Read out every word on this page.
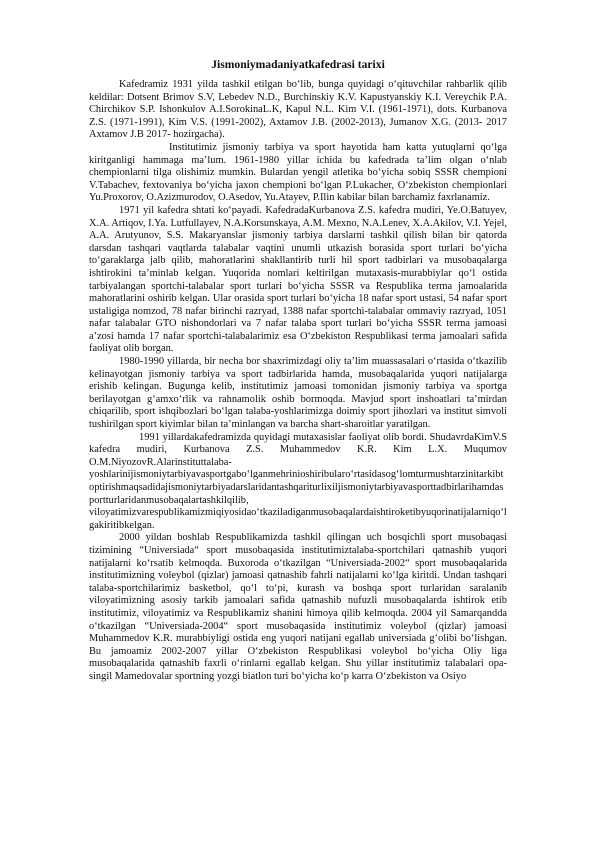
Jismoniymadaniyatkafedrasi tarixi

Kafedramiz 1931 yilda tashkil etilgan bo‘lib, bunga quyidagi o‘qituvchilar rahbarlik qilib keldilar: Dotsent Brimov S.V, Lebedev N.D., Burchinskiy K.V. Kapustyanskiy K.I. Vereychik P.A. Chirchikov S.P. Ishonkulov A.I.SorokinaL.K, Kapul N.L. Kim V.I. (1961-1971), dots. Kurbanova Z.S. (1971-1991), Kim V.S. (1991-2002), Axtamov J.B. (2002-2013), Jumanov X.G. (2013- 2017 Axtamov J.B 2017- hozirgacha).

Institutimiz jismoniy tarbiya va sport hayotida ham katta yutuqlarni qo‘lga kiritganligi hammaga ma’lum. 1961-1980 yillar ichida bu kafedrada ta’lim olgan o‘nlab chempionlarni tilga olishimiz mumkin. Bulardan yengil atletika bo‘yicha sobiq SSSR chempioni V.Tabachev, fextovaniya bo‘yicha jaxon chempioni bo‘lgan P.Lukacher, O‘zbekiston chempionlari Yu.Proxorov, O.Azizmurodov, O.Asedov, Yu.Atayev, P.Ilin kabilar bilan barchamiz faxrlanamiz.

1971 yil kafedra shtati ko‘payadi. KafedradaKurbanova Z.S. kafedra mudiri, Ye.O.Batuyev, X.A. Artiqov, I.Ya. Lutfullayev, N.A.Korsunskaya, A.M. Mexno, N.A.Lenev, X.A.Akilov, V.I. Yejel, A.A. Arutyunov, S.S. Makaryanslar jismoniy tarbiya darslarni tashkil qilish bilan bir qatorda darsdan tashqari vaqtlarda talabalar vaqtini unumli utkazish borasida sport turlari bo‘yicha to‘garaklarga jalb qilib, mahoratlarini shakllantirib turli hil sport tadbirlari va musobaqalarga ishtirokini ta’minlab kelgan. Yuqorida nomlari keltirilgan mutaxasis-murabbiylar qo‘l ostida tarbiyalangan sportchi-talabalar sport turlari bo‘yicha SSSR va Respublika terma jamoalarida mahoratlarini oshirib kelgan. Ular orasida sport turlari bo‘yicha 18 nafar sport ustasi, 54 nafar sport ustaligiga nomzod, 78 nafar birinchi razryad, 1388 nafar sportchi-talabalar ommaviy razryad, 1051 nafar talabalar GTO nishondorlari va 7 nafar talaba sport turlari bo‘yicha SSSR terma jamoasi a’zosi hamda 17 nafar sportchi-talabalarimiz esa O‘zbekiston Respublikasi terma jamoalari safida faoliyat olib borgan.

1980-1990 yillarda, bir necha bor shaxrimizdagi oliy ta’lim muassasalari o‘rtasida o‘tkazilib kelinayotgan jismoniy tarbiya va sport tadbirlarida hamda, musobaqalarida yuqori natijalarga erishib kelingan. Bugunga kelib, institutimiz jamoasi tomonidan jismoniy tarbiya va sportga berilayotgan g‘amxo‘rlik va rahnamolik oshib bormoqda. Mavjud sport inshoatlari ta’mirdan chiqarilib, sport ishqibozlari bo‘lgan talaba-yoshlarimizga doimiy sport jihozlari va institut simvoli tushirilgan sport kiyimlar bilan ta’minlangan va barcha shart-sharoitlar yaratilgan.

1991 yillardakafedramizda quyidagi mutaxasislar faoliyat olib bordi. ShudavrdaKimV.S kafedra mudiri, Kurbanova Z.S. Muhammedov K.R. Kim L.X. Muqumov O.M.NiyozovR.Alarinstituttalaba-

yoshlarinijismoniytarbiyavasportgabo‘lganmehrinioshiribularo‘rtasidasog‘lomturmushtarzinitarkibtoptirishmaqsadidajismoniytarbiyadarslaridantashqariturlixiljismoniytarbiyavasporttadbirlarihamdasportturlaridanmusobaqalartashkilqilib,

viloyatimizvarespublikamizmiqiyosidao‘tkaziladiganmusobaqalardaishtiroketibyuqorinatijalarniqo‘lgakiritibkelgan.

2000 yildan boshlab Respublikamizda tashkil qilingan uch bosqichli sport musobaqasi tizimining “Universiada“ sport musobaqasida institutimiztalaba-sportchilari qatnashib yuqori natijalarni ko‘rsatib kelmoqda. Buxoroda o‘tkazilgan “Universiada-2002“ sport musobaqalarida institutimizning voleybol (qizlar) jamoasi qatnashib fahrli natijalarni ko‘lga kiritdi. Undan tashqari talaba-sportchilarimiz basketbol, qo‘l to‘pi, kurash va boshqa sport turlaridan saralanib viloyatimizning asosiy tarkib jamoalari safida qatnashib nufuzli musobaqalarda ishtirok etib institutimiz, viloyatimiz va Respublikamiz shanini himoya qilib kelmoqda. 2004 yil Samarqandda o‘tkazilgan “Universiada-2004“ sport musobaqasida institutimiz voleybol (qizlar) jamoasi Muhammedov K.R. murabbiyligi ostida eng yuqori natijani egallab universiada g‘olibi bo‘lishgan. Bu jamoamiz 2002-2007 yillar O‘zbekiston Respublikasi voleybol bo‘yicha Oliy liga musobaqalarida qatnashib faxrli o‘rinlarni egallab kelgan. Shu yillar institutimiz talabalari opa-singil Mamedovalar sportning yozgi biatlon turi bo‘yicha ko‘p karra O‘zbekiston va Osiyo
